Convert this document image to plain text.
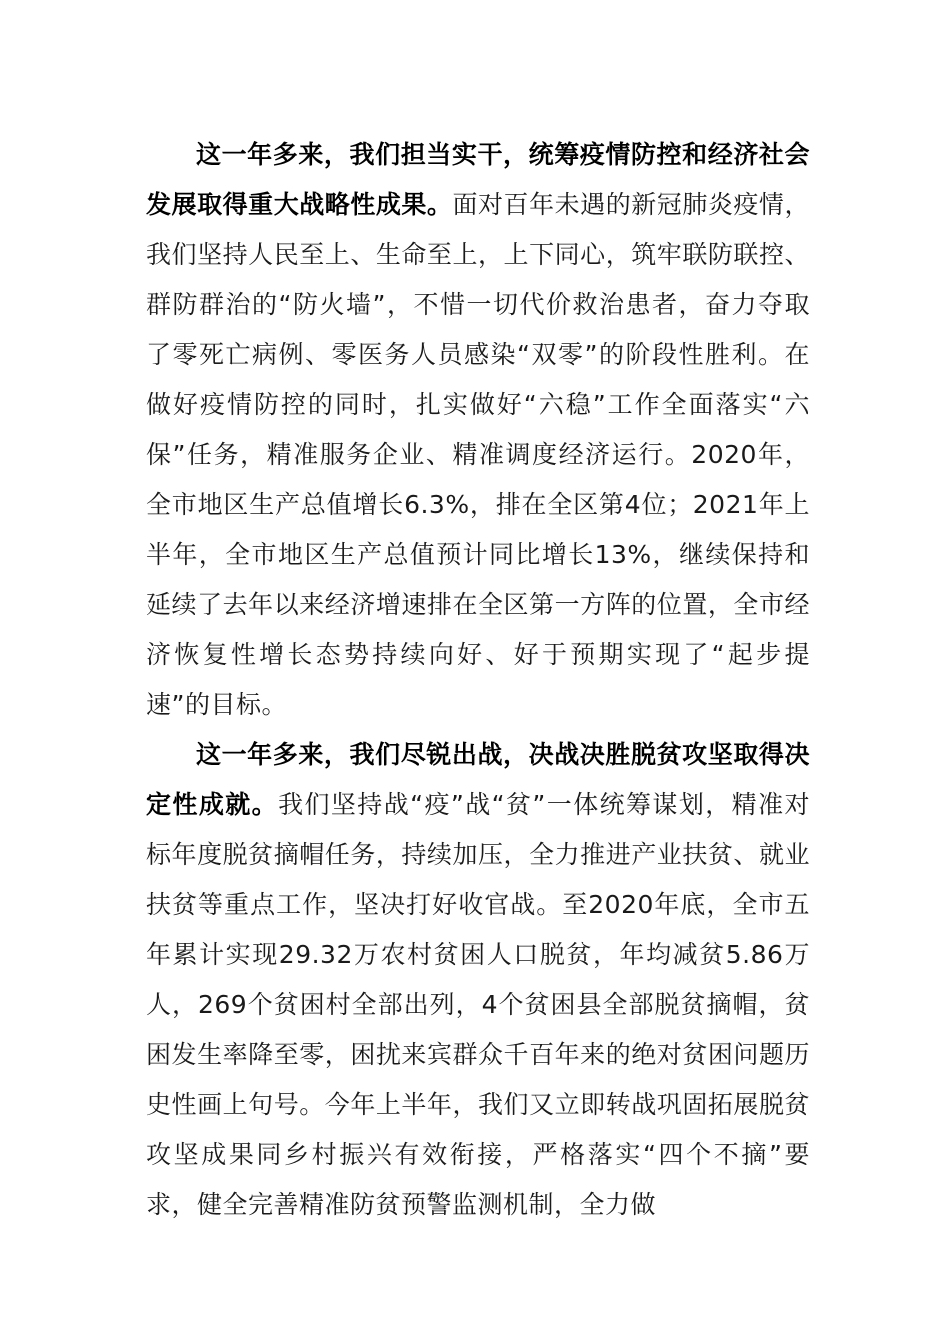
这一年多来，我们担当实干，统筹疫情防控和经济社会发展取得重大战略性成果。面对百年未遇的新冠肺炎疫情，我们坚持人民至上、生命至上，上下同心，筑牢联防联控、群防群治的“防火墙”，不惜一切代价救治患者，奋力夺取了零死亡病例、零医务人员感染“双零”的阶段性胜利。在做好疫情防控的同时，扎实做好“六稳”工作全面落实“六保”任务，精准服务企业、精准调度经济运行。2020年，全市地区生产总值增长6.3%，排在全区第4位；2021年上半年，全市地区生产总值预计同比增长13%，继续保持和延续了去年以来经济增速排在全区第一方阵的位置，全市经济恢复性增长态势持续向好、好于预期实现了“起步提速”的目标。

这一年多来，我们尽锐出战，决战决胜脱贫攻坚取得决定性成就。我们坚持战“疫”战“贫”一体统筹谋划，精准对标年度脱贫摘帽任务，持续加压，全力推进产业扶贫、就业扶贫等重点工作，坚决打好收官战。至2020年底，全市五年累计实现29.32万农村贫困人口脱贫，年均减贫5.86万人，269个贫困村全部出列，4个贫困县全部脱贫摘帽，贫困发生率降至零，困扰来宾群众千百年来的绝对贫困问题历史性画上句号。今年上半年，我们又立即转战巩固拓展脱贫攻坚成果同乡村振兴有效衔接，严格落实“四个不摘”要求，健全完善精准防贫预警监测机制，全力做
